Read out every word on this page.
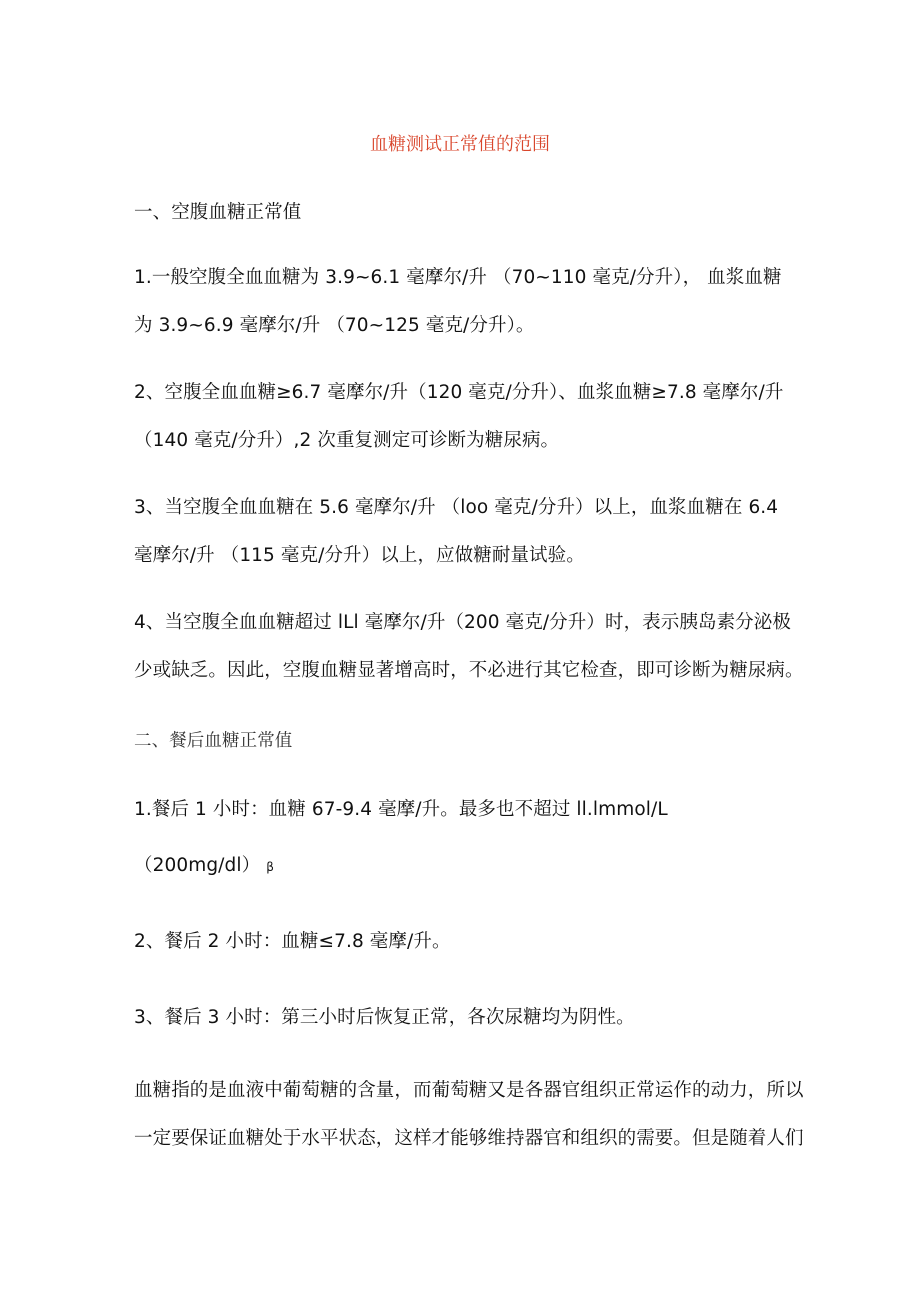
血糖测试正常值的范围
一、空腹血糖正常值
1.一般空腹全血血糖为 3.9~6.1 毫摩尔/升 （70~110 毫克/分升）， 血浆血糖
为 3.9~6.9 毫摩尔/升 （70~125 毫克/分升）。
2、空腹全血血糖≥6.7 毫摩尔/升（120 毫克/分升）、血浆血糖≥7.8 毫摩尔/升
（140 毫克/分升）,2 次重复测定可诊断为糖尿病。
3、当空腹全血血糖在 5.6 毫摩尔/升 （loo 毫克/分升）以上，血浆血糖在 6.4
毫摩尔/升 （115 毫克/分升）以上，应做糖耐量试验。
4、当空腹全血血糖超过 lLl 毫摩尔/升（200 毫克/分升）时，表示胰岛素分泌极
少或缺乏。因此，空腹血糖显著增高时，不必进行其它检查，即可诊断为糖尿病。
二、餐后血糖正常值
1.餐后 1 小时：血糖 67-9.4 毫摩/升。最多也不超过 ll.lmmol/L
（200mg∕dl） β
2、餐后 2 小时：血糖≤7.8 毫摩/升。
3、餐后 3 小时：第三小时后恢复正常，各次尿糖均为阴性。
血糖指的是血液中葡萄糖的含量，而葡萄糖又是各器官组织正常运作的动力，所以
一定要保证血糖处于水平状态，这样才能够维持器官和组织的需要。但是随着人们
